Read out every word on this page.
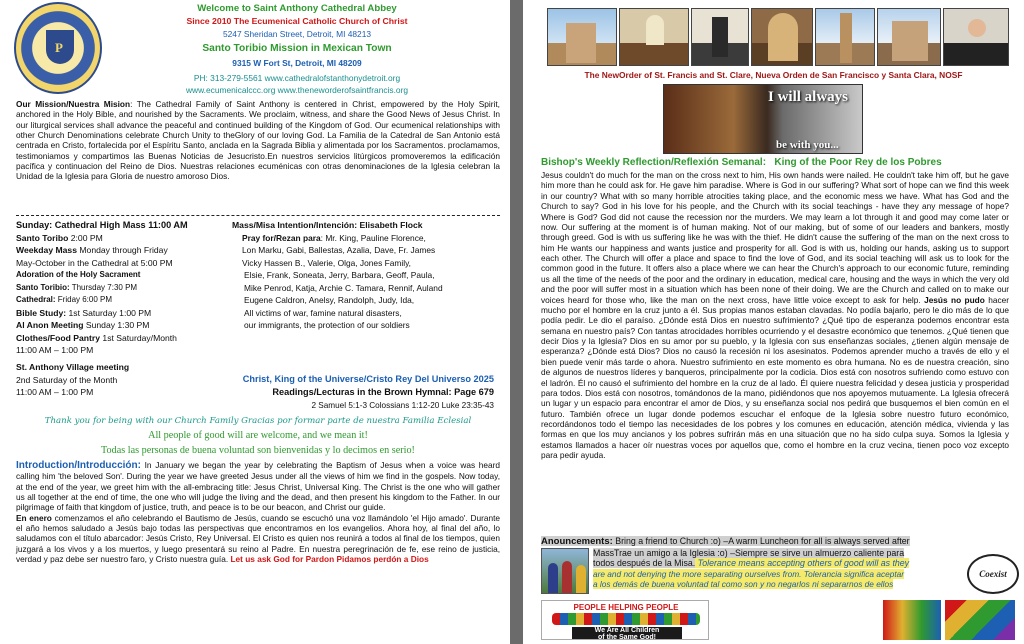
P
Welcome to Saint Anthony Cathedral Abbey
Since 2010 The Ecumenical Catholic Church of Christ
5247 Sheridan Street, Detroit, MI 48213
Santo Toribio Mission in Mexican Town
9315 W Fort St, Detroit, MI 48209
PH: 313-279-5561 www.cathedralofstanthonydetroit.org
www.ecumenicalccc.org www.theneworderofsaintfrancis.org
Our Mission/Nuestra Mision: The Cathedral Family of Saint Anthony is centered in Christ, empowered by the Holy Spirit, anchored in the Holy Bible, and nourished by the Sacraments. We proclaim, witness, and share the Good News of Jesus Christ. In our liturgical services shall advance the peaceful and continued building of the Kingdom of God. Our ecumenical relationships with other Church Denominations celebrate Church Unity to theGlory of our loving God. La Familia de la Catedral de San Antonio está centrada en Cristo, fortalecida por el Espíritu Santo, anclada en la Sagrada Biblia y alimentada por los Sacramentos. proclamamos, testimoniamos y compartimos las Buenas Noticias de Jesucristo.En nuestros servicios litúrgicos promoveremos la edificación pacífica y continuacion del Reino de Dios. Nuestras relaciones ecuménicas con otras denominaciones de la Iglesia celebran la Unidad de la Iglesia para Gloria de nuestro amoroso Dios.
Sunday: Cathedral High Mass 11:00 AM
Santo Toribo 2:00 PM
Weekday Mass Monday through Friday
May-October in the Cathedral at 5:00 PM
Adoration of the Holy Sacrament
Santo Toribio: Thursday 7:30 PM
Cathedral: Friday 6:00 PM
Bible Study: 1st Saturday 1:00 PM
Al Anon Meeting Sunday 1:30 PM
Clothes/Food Pantry 1st Saturday/Month
11:00 AM – 1:00 PM
St. Anthony Village meeting
2nd Saturday of the Month
11:00 AM – 1:00 PM
Mass/Misa Intention/Intención: Elisabeth Flock
Pray for/Rezan para: Mr. King, Pauline Florence,
Lon Marku, Gabi, Ballestas, Azalia, Dave, Fr. James
Vicky Hassen B., Valerie, Olga, Jones Family,
Elsie, Frank, Soneata, Jerry, Barbara, Geoff, Paula,
Mike Penrod, Katja, Archie C. Tamara, Rennif, Auland
Eugene Caldron, Anelsy, Randolph, Judy, Ida,
All victims of war, famine natural disasters,
our immigrants, the protection of our soldiers
Christ, King of the Universe/Cristo Rey Del Universo 2025
Readings/Lecturas in the Brown Hymnal: Page 679
2 Samuel 5:1-3 Colossians 1:12-20 Luke 23:35-43
Thank you for being with our Church Family Gracias por formar parte de nuestra Familia Eclesial
All people of good will are welcome, and we mean it!
Todas las personas de buena voluntad son bienvenidas y lo decimos en serio!
Introduction/Introducción: In January we began the year by celebrating the Baptism of Jesus when a voice was heard calling him 'the beloved Son'. During the year we have greeted Jesus under all the views of him we find in the gospels. Now today, at the end of the year, we greet him with the all-embracing title: Jesus Christ, Universal King. The Christ is the one who will gather us all together at the end of time, the one who will judge the living and the dead, and then present his kingdom to the Father. In our pilgrimage of faith that kingdom of justice, truth, and peace is to be our beacon, and Christ our guide.
En enero comenzamos el año celebrando el Bautismo de Jesús, cuando se escuchó una voz llamándolo 'el Hijo amado'. Durante el año hemos saludado a Jesús bajo todas las perspectivas que encontramos en los evangelios. Ahora hoy, al final del año, lo saludamos con el título abarcador: Jesús Cristo, Rey Universal. El Cristo es quien nos reunirá a todos al final de los tiempos, quien juzgará a los vivos y a los muertos, y luego presentará su reino al Padre. En nuestra peregrinación de fe, ese reino de justicia, verdad y paz debe ser nuestro faro, y Cristo nuestra guía. Let us ask God for Pardon Pidamos perdón a Dios
The NewOrder of St. Francis and St. Clare, Nueva Orden de San Francisco y Santa Clara, NOSF
I will always
be with you...
Bishop's Weekly Reflection/Reflexión Semanal: King of the Poor Rey de los Pobres
Jesus couldn't do much for the man on the cross next to him, His own hands were nailed. He couldn't take him off, but he gave him more than he could ask for. He gave him paradise. Where is God in our suffering? What sort of hope can we find this week in our country? What with so many horrible atrocities taking place, and the economic mess we have. What has God and the Church to say? God in his love for his people, and the Church with its social teachings - have they any message of hope? Where is God? God did not cause the recession nor the murders. We may learn a lot through it and good may come later or now. Our suffering at the moment is of human making. Not of our making, but of some of our leaders and bankers, mostly through greed. God is with us suffering like he was with the thief. He didn't cause the suffering of the man on the next cross to him He wants our happiness and wants justice and prosperity for all. God is with us, holding our hands, asking us to support each other. The Church will offer a place and space to find the love of God, and its social teaching will ask us to look for the common good in the future. It offers also a place where we can hear the Church's approach to our economic future, reminding us all the time of the needs of the poor and the ordinary in education, medical care, housing and the ways in which the very old and the poor will suffer most in a situation which has been none of their doing. We are the Church and called on to make our voices heard for those who, like the man on the next cross, have little voice except to ask for help. Jesús no pudo hacer mucho por el hombre en la cruz junto a él. Sus propias manos estaban clavadas. No podía bajarlo, pero le dio más de lo que podía pedir. Le dio el paraíso. ¿Dónde está Dios en nuestro sufrimiento? ¿Qué tipo de esperanza podemos encontrar esta semana en nuestro país? Con tantas atrocidades horribles ocurriendo y el desastre económico que tenemos. ¿Qué tienen que decir Dios y la Iglesia? Dios en su amor por su pueblo, y la Iglesia con sus enseñanzas sociales, ¿tienen algún mensaje de esperanza? ¿Dónde está Dios? Dios no causó la recesión ni los asesinatos. Podemos aprender mucho a través de ello y el bien puede venir más tarde o ahora. Nuestro sufrimiento en este momento es obra humana. No es de nuestra creación, sino de algunos de nuestros líderes y banqueros, principalmente por la codicia. Dios está con nosotros sufriendo como estuvo con el ladrón. Él no causó el sufrimiento del hombre en la cruz de al lado. Él quiere nuestra felicidad y desea justicia y prosperidad para todos. Dios está con nosotros, tomándonos de la mano, pidiéndonos que nos apoyemos mutuamente. La Iglesia ofrecerá un lugar y un espacio para encontrar el amor de Dios, y su enseñanza social nos pedirá que busquemos el bien común en el futuro. También ofrece un lugar donde podemos escuchar el enfoque de la Iglesia sobre nuestro futuro económico, recordándonos todo el tiempo las necesidades de los pobres y los comunes en educación, atención médica, vivienda y las formas en que los muy ancianos y los pobres sufrirán más en una situación que no ha sido culpa suya. Somos la Iglesia y estamos llamados a hacer oír nuestras voces por aquellos que, como el hombre en la cruz vecina, tienen poco voz excepto para pedir ayuda.
Anouncements: Bring a friend to Church :o) –A warm Luncheon for all is always served after
MassTrae un amigo a la Iglesia :o) –Siempre se sirve un almuerzo caliente para
todos después de la Misa. Tolerance means accepting others of good will as they
are and not denying the more separating ourselves from. Tolerancia significa aceptar
a los demás de buena voluntad tal como son y no negarlos ni separarnos de ellos
Coexist
PEOPLE HELPING PEOPLE
We Are All Children
of the Same God!
